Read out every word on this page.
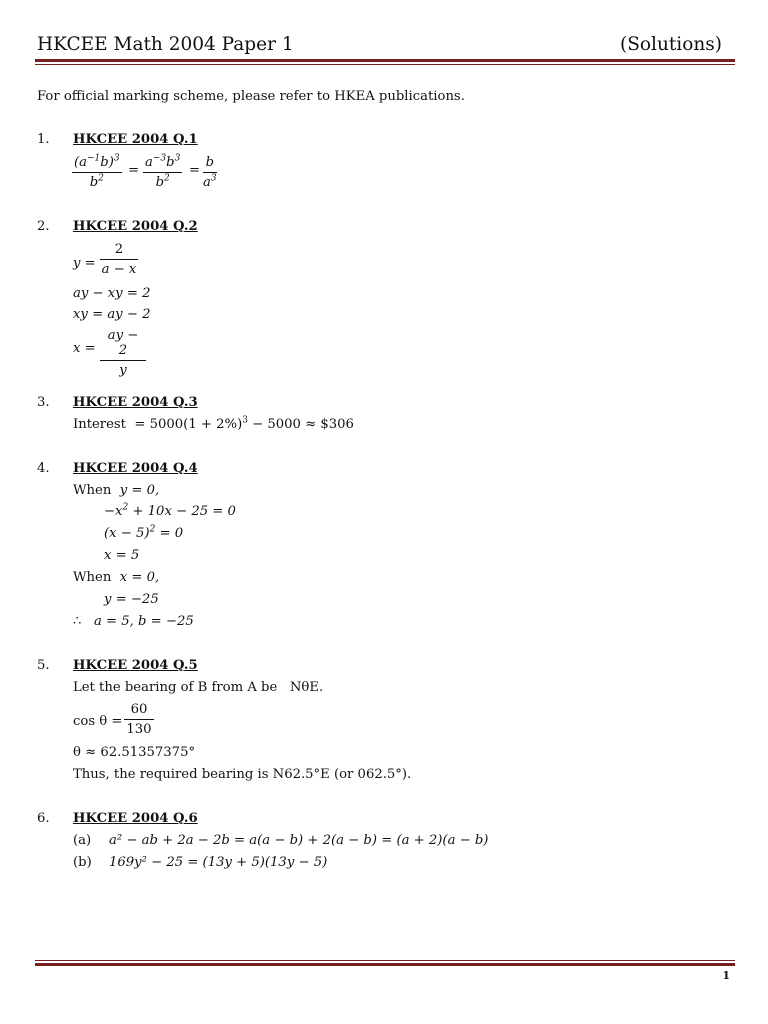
HKCEE Math 2004 Paper 1	(Solutions)
For official marking scheme, please refer to HKEA publications.
1. HKCEE 2004 Q.1
$\frac{(a^{-1}b)^3}{b^2} = \frac{a^{-3}b^3}{b^2} = \frac{b}{a^3}$
2. HKCEE 2004 Q.2
$y = \frac{2}{a - x}$
ay − xy = 2
xy = ay − 2
$x = \frac{ay - 2}{y}$
3. HKCEE 2004 Q.3
Interest = $5000(1 + 2\%)^3 - 5000$ ≈ $306
4. HKCEE 2004 Q.4
When y = 0,
$-x^2 + 10x - 25 = 0$
$(x - 5)^2 = 0$
x = 5
When x = 0,
y = −25
∴ a = 5, b = −25
5. HKCEE 2004 Q.5
Let the bearing of B from A be NθE.
$\cos \theta = \frac{60}{130}$
θ ≈ 62.51357375°
Thus, the required bearing is N62.5°E (or 062.5°).
6. HKCEE 2004 Q.6
(a) a² − ab + 2a − 2b = a(a − b) + 2(a − b) = (a + 2)(a − b)
(b) 169y² − 25 = (13y + 5)(13y − 5)
1
